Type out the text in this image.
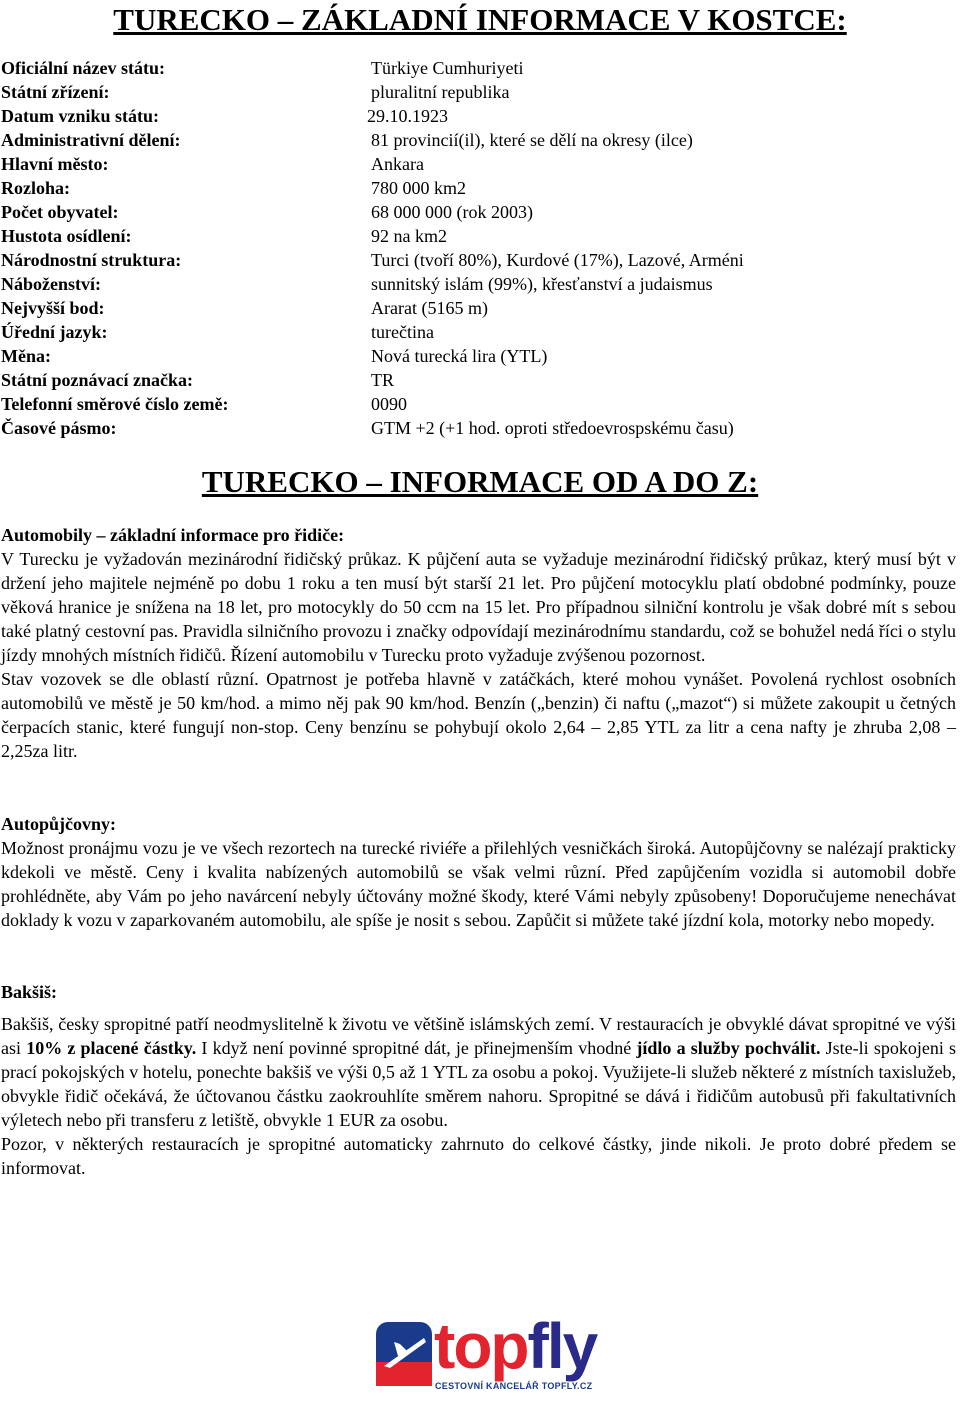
TURECKO – ZÁKLADNÍ INFORMACE V KOSTCE:
Oficiální název státu:	Türkiye Cumhuriyeti
Státní zřízení:	pluralitní republika
Datum vzniku státu:	29.10.1923
Administrativní dělení:	81 provincií(il), které se dělí na okresy (ilce)
Hlavní město:	Ankara
Rozloha:	780 000 km2
Počet obyvatel:	68 000 000 (rok 2003)
Hustota osídlení:	92 na km2
Národnostní struktura:	Turci (tvoří 80%), Kurdové (17%), Lazové, Arméni
Náboženství:	sunnitský islám (99%), křesťanství a judaismus
Nejvyšší bod:	Ararat (5165 m)
Úřední jazyk:	turečtina
Měna:	Nová turecká lira (YTL)
Státní poznávací značka:	TR
Telefonní směrové číslo země:	0090
Časové pásmo:	GTM +2 (+1 hod. oproti středoevrospskému času)
TURECKO – INFORMACE OD A DO Z:

Automobily – základní informace pro řidiče:

V Turecku je vyžadován mezinárodní řidičský průkaz. K půjčení auta se vyžaduje mezinárodní řidičský průkaz, který musí být v držení jeho majitele nejméně po dobu 1 roku a ten musí být starší 21 let. Pro půjčení motocyklu platí obdobné podmínky, pouze věková hranice je snížena na 18 let, pro motocykly do 50 ccm na 15 let. Pro případnou silniční kontrolu je však dobré mít s sebou také platný cestovní pas. Pravidla silničního provozu i značky odpovídají mezinárodnímu standardu, což se bohužel nedá říci o stylu jízdy mnohých místních řidičů. Řízení automobilu v Turecku proto vyžaduje zvýšenou pozornost.

Stav vozovek se dle oblastí různí. Opatrnost je potřeba hlavně v zatáčkách, které mohou vynášet. Povolená rychlost osobních automobilů ve městě je 50 km/hod. a mimo něj pak 90 km/hod. Benzín („benzin) či naftu („mazot“) si můžete zakoupit u četných čerpacích stanic, které fungují non-stop. Ceny benzínu se pohybují okolo 2,64 – 2,85 YTL za litr a cena nafty je zhruba 2,08 – 2,25za litr.

Autopůjčovny:

Možnost pronájmu vozu je ve všech rezortech na turecké riviéře a přilehlých vesničkách široká. Autopůjčovny se nalézají prakticky kdekoli ve městě. Ceny i kvalita nabízených automobilů se však velmi různí. Před zapůjčením vozidla si automobil dobře prohlédněte, aby Vám po jeho navárcení nebyly účtovány možné škody, které Vámi nebyly způsobeny! Doporučujeme nenechávat doklady k vozu v zaparkovaném automobilu, ale spíše je nosit s sebou. Zapůčit si můžete také jízdní kola, motorky nebo mopedy.

Bakšiš:

Bakšiš, česky spropitné patří neodmyslitelně k životu ve většině islámských zemí. V restauracích je obvyklé dávat spropitné ve výši asi 10% z placené částky. I když není povinné spropitné dát, je přinejmenším vhodné jídlo a služby pochválit. Jste-li spokojeni s prací pokojských v hotelu, ponechte bakšiš ve výši 0,5 až 1 YTL za osobu a pokoj. Využijete-li služeb některé z místních taxislužeb, obvykle řidič očekává, že účtovanou částku zaokrouhlíte směrem nahoru. Spropitné se dává i řidičům autobusů při fakultativních výletech nebo při transferu z letiště, obvykle 1 EUR za osobu.

Pozor, v některých restauracích je spropitné automaticky zahrnuto do celkové částky, jinde nikoli. Je proto dobré předem se informovat.

topfly
CESTOVNÍ KANCELÁŘ TOPFLY.CZ
